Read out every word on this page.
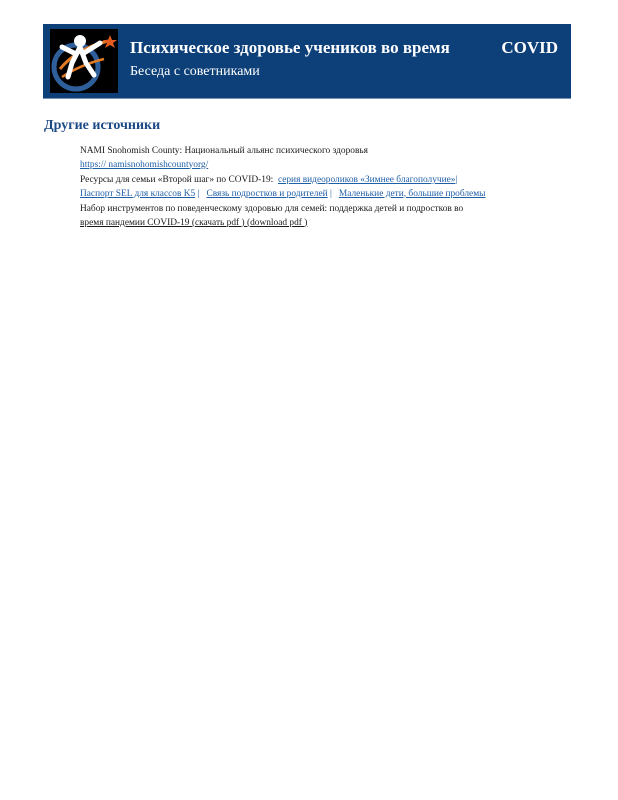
Психическое здоровье учеников во время	COVID
Беседа с советниками
Другие источники
NAMI Snohomish County: Национальный альянс психического здоровья
https:// namisnohomishcountyorg/
Ресурсы для семьи «Второй шаг» по COVID-19: серия видеороликов «Зимнее благополучие»|
Паспорт SEL для классов K5 | Связь подростков и родителей | Маленькие дети, большие проблемы
Набор инструментов по поведенческому здоровью для семей: поддержка детей и подростков во
время пандемии COVID-19 (скачать pdf ) (download pdf )
